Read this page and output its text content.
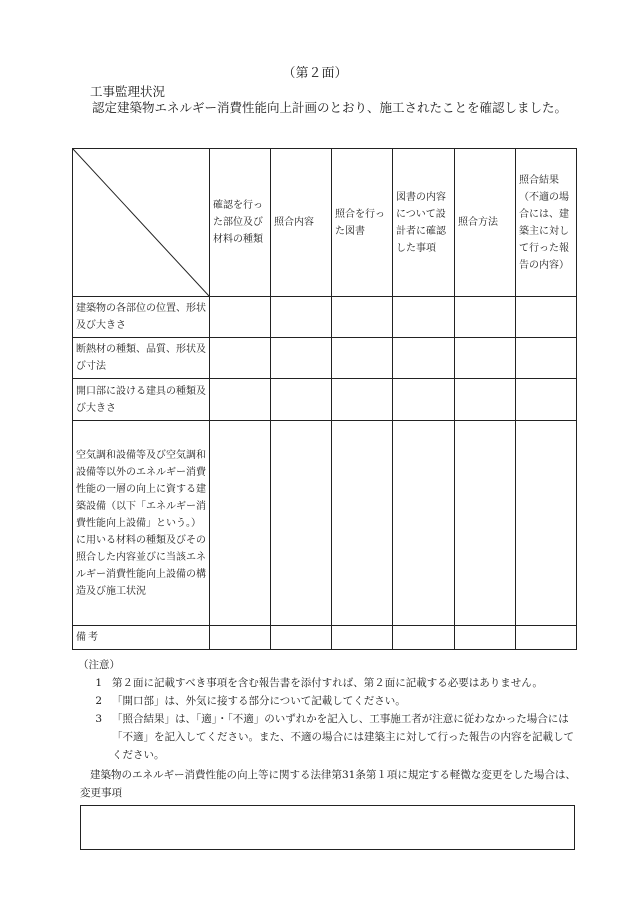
（第２面）
工事監理状況
認定建築物エネルギー消費性能向上計画のとおり、施工されたことを確認しました。
	確認を行った部位及び材料の種類	照合内容	照合を行った図書	図書の内容について設計者に確認した事項	照合方法	照合結果（不適の場合には、建築主に対して行った報告の内容）
建築物の各部位の位置、形状及び大きさ						
断熱材の種類、品質、形状及び寸法						
開口部に設ける建具の種類及び大きさ						
空気調和設備等及び空気調和設備等以外のエネルギー消費性能の一層の向上に資する建築設備（以下「エネルギー消費性能向上設備」という。）に用いる材料の種類及びその照合した内容並びに当該エネルギー消費性能向上設備の構造及び施工状況						
備考						
（注意）
1 第２面に記載すべき事項を含む報告書を添付すれば、第２面に記載する必要はありません。
2 「開口部」は、外気に接する部分について記載してください。
3 「照合結果」は、「適」・「不適」のいずれかを記入し、工事施工者が注意に従わなかった場合には「不適」を記入してください。また、不適の場合には建築主に対して行った報告の内容を記載してください。
建築物のエネルギー消費性能の向上等に関する法律第31条第１項に規定する軽微な変更をした場合は、変更事項
